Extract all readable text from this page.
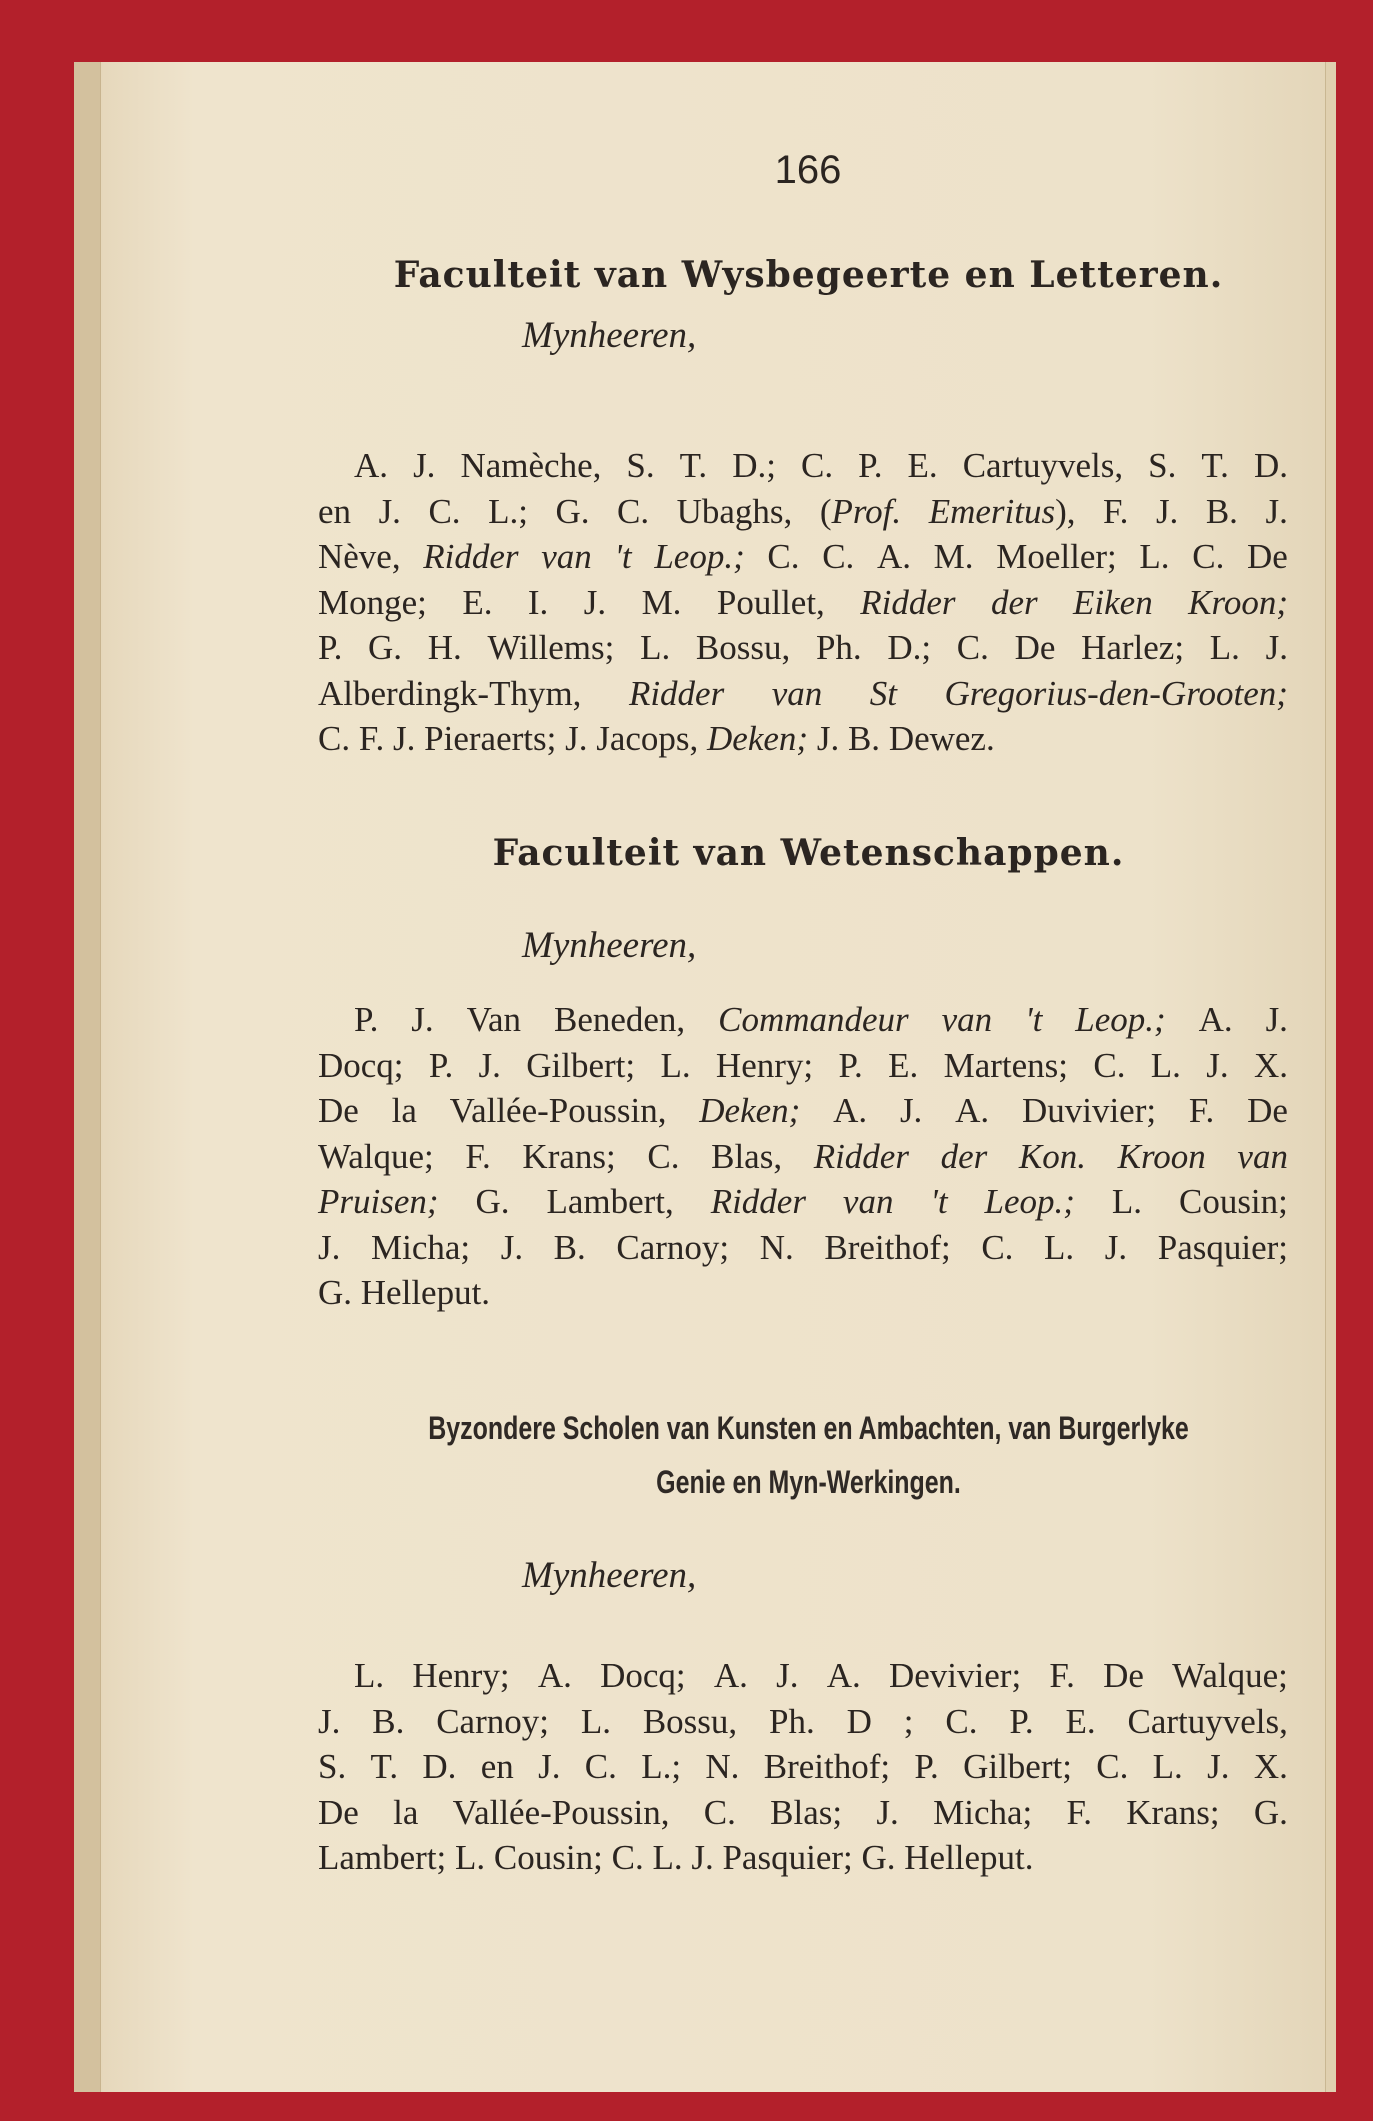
166
Faculteit van Wysbegeerte en Letteren.
Mynheeren,
A. J. Namèche, S. T. D.; C. P. E. Cartuyvels, S. T. D.
en J. C. L.; G. C. Ubaghs, (Prof. Emeritus), F. J. B. J.
Nève, Ridder van 't Leop.; C. C. A. M. Moeller; L. C. De
Monge; E. I. J. M. Poullet, Ridder der Eiken Kroon;
P. G. H. Willems; L. Bossu, Ph. D.; C. De Harlez; L. J.
Alberdingk-Thym, Ridder van St Gregorius-den-Grooten;
C. F. J. Pieraerts; J. Jacops, Deken; J. B. Dewez.
Faculteit van Wetenschappen.
Mynheeren,
P. J. Van Beneden, Commandeur van 't Leop.; A. J.
Docq; P. J. Gilbert; L. Henry; P. E. Martens; C. L. J. X.
De la Vallée-Poussin, Deken; A. J. A. Duvivier; F. De
Walque; F. Krans; C. Blas, Ridder der Kon. Kroon van
Pruisen; G. Lambert, Ridder van 't Leop.; L. Cousin;
J. Micha; J. B. Carnoy; N. Breithof; C. L. J. Pasquier;
G. Helleput.
Byzondere Scholen van Kunsten en Ambachten, van Burgerlyke
Genie en Myn-Werkingen.
Mynheeren,
L. Henry; A. Docq; A. J. A. Devivier; F. De Walque;
J. B. Carnoy; L. Bossu, Ph. D ; C. P. E. Cartuyvels,
S. T. D. en J. C. L.; N. Breithof; P. Gilbert; C. L. J. X.
De la Vallée-Poussin, C. Blas; J. Micha; F. Krans; G.
Lambert; L. Cousin; C. L. J. Pasquier; G. Helleput.
